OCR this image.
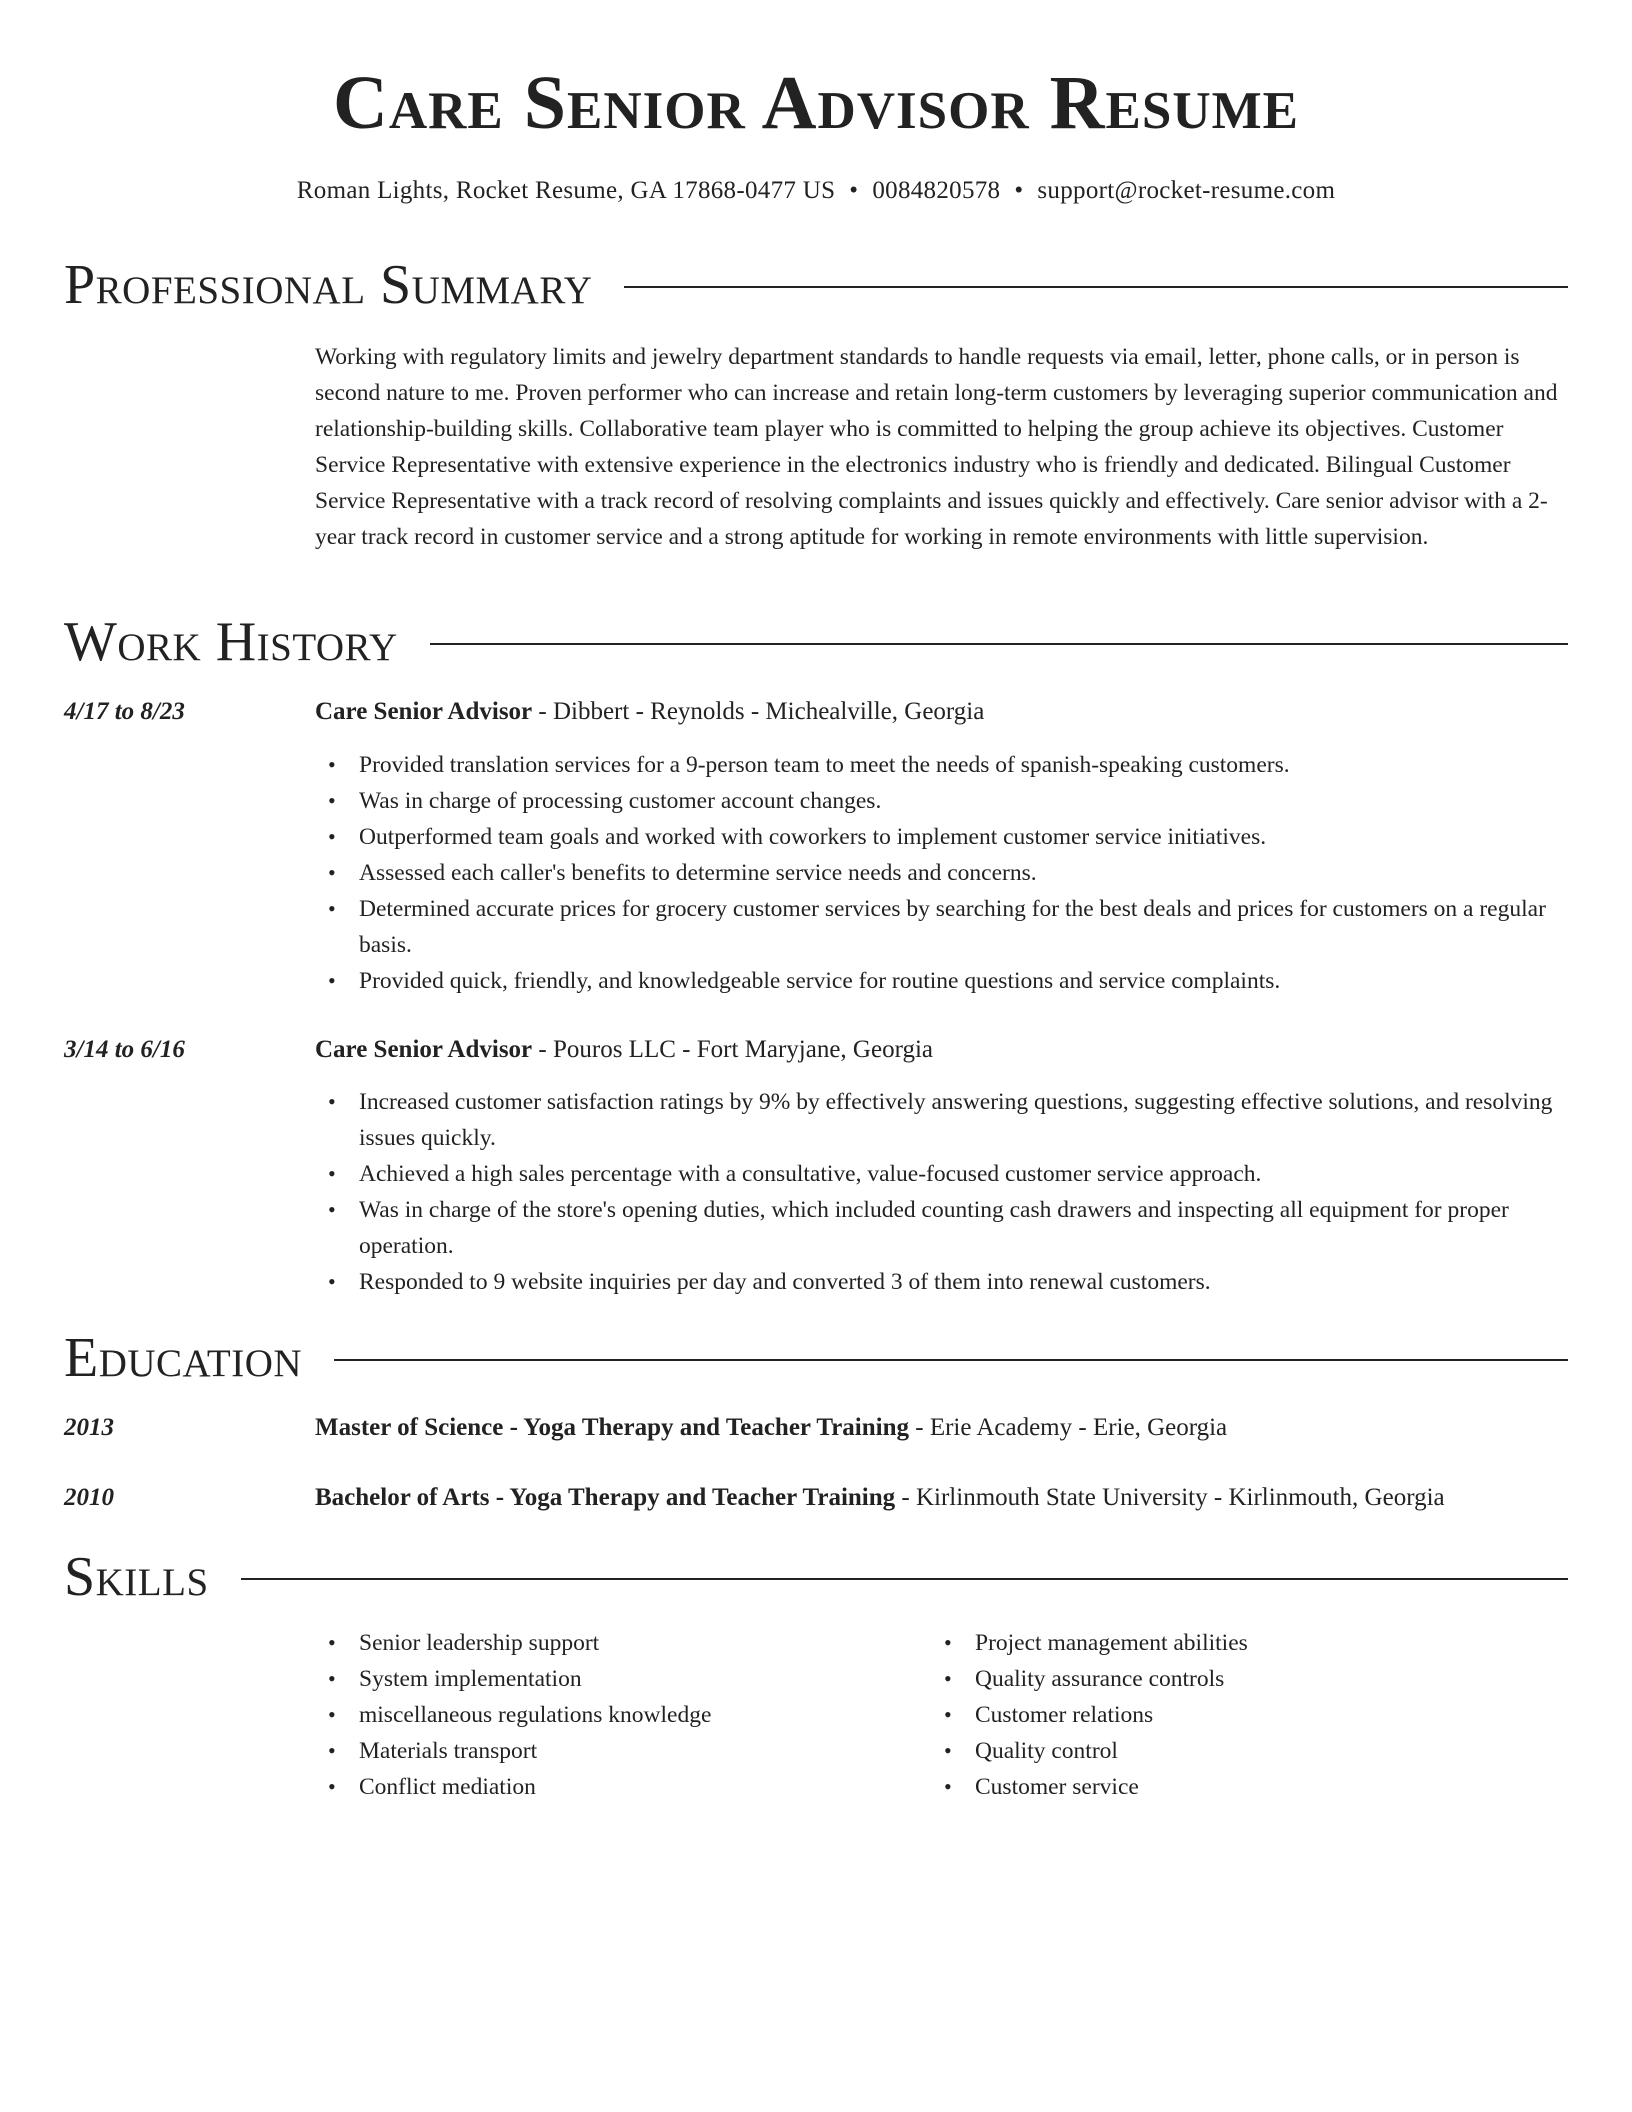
Care Senior Advisor Resume
Roman Lights, Rocket Resume, GA 17868-0477 US • 0084820578 • support@rocket-resume.com
Professional Summary

Working with regulatory limits and jewelry department standards to handle requests via email, letter, phone calls, or in person is second nature to me. Proven performer who can increase and retain long-term customers by leveraging superior communication and relationship-building skills. Collaborative team player who is committed to helping the group achieve its objectives. Customer Service Representative with extensive experience in the electronics industry who is friendly and dedicated. Bilingual Customer Service Representative with a track record of resolving complaints and issues quickly and effectively. Care senior advisor with a 2-year track record in customer service and a strong aptitude for working in remote environments with little supervision.

Work History
4/17 to 8/23	Care Senior Advisor - Dibbert - Reynolds - Michealville, Georgia
• Provided translation services for a 9-person team to meet the needs of spanish-speaking customers.
• Was in charge of processing customer account changes.
• Outperformed team goals and worked with coworkers to implement customer service initiatives.
• Assessed each caller's benefits to determine service needs and concerns.
• Determined accurate prices for grocery customer services by searching for the best deals and prices for customers on a regular basis.
• Provided quick, friendly, and knowledgeable service for routine questions and service complaints.
3/14 to 6/16	Care Senior Advisor - Pouros LLC - Fort Maryjane, Georgia
• Increased customer satisfaction ratings by 9% by effectively answering questions, suggesting effective solutions, and resolving issues quickly.
• Achieved a high sales percentage with a consultative, value-focused customer service approach.
• Was in charge of the store's opening duties, which included counting cash drawers and inspecting all equipment for proper operation.
• Responded to 9 website inquiries per day and converted 3 of them into renewal customers.
Education
2013	Master of Science - Yoga Therapy and Teacher Training - Erie Academy - Erie, Georgia
2010	Bachelor of Arts - Yoga Therapy and Teacher Training - Kirlinmouth State University - Kirlinmouth, Georgia
Skills
• Senior leadership support
• System implementation
• miscellaneous regulations knowledge
• Materials transport
• Conflict mediation
• Project management abilities
• Quality assurance controls
• Customer relations
• Quality control
• Customer service
